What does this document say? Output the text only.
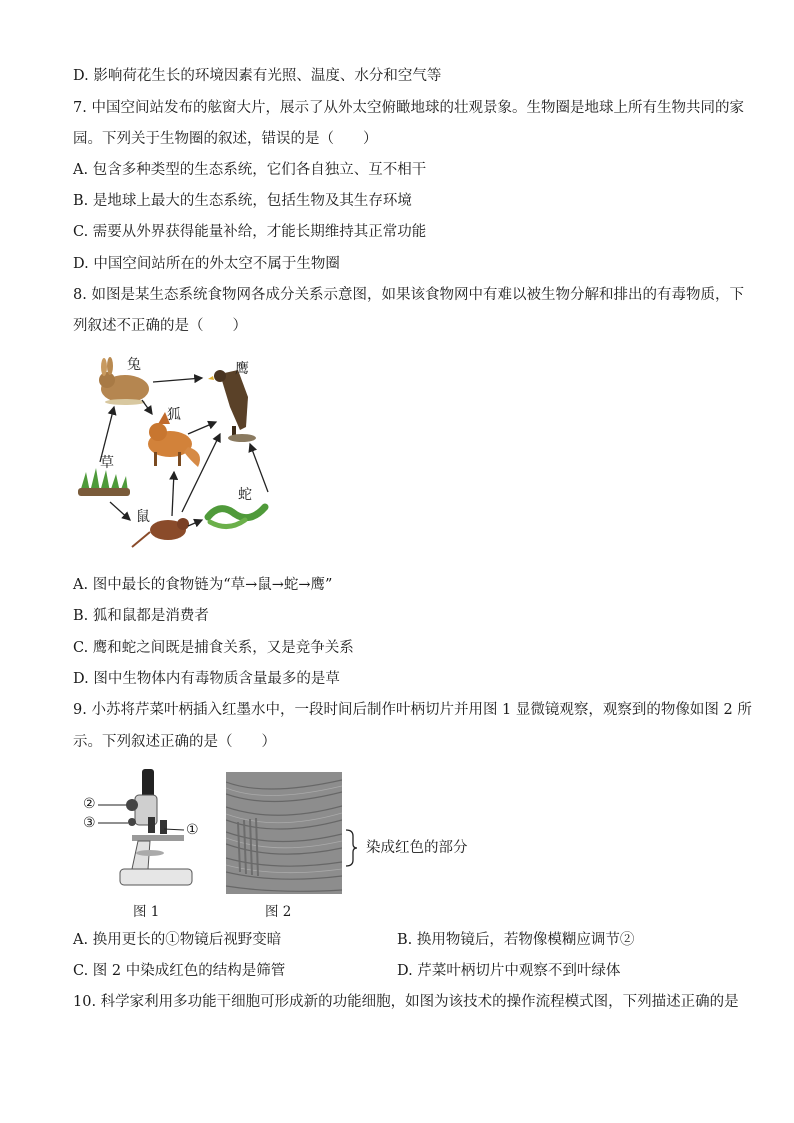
D. 影响荷花生长的环境因素有光照、温度、水分和空气等
7. 中国空间站发布的舷窗大片，展示了从外太空俯瞰地球的壮观景象。生物圈是地球上所有生物共同的家
园。下列关于生物圈的叙述，错误的是（　　）
A. 包含多种类型的生态系统，它们各自独立、互不相干
B. 是地球上最大的生态系统，包括生物及其生存环境
C. 需要从外界获得能量补给，才能长期维持其正常功能
D. 中国空间站所在的外太空不属于生物圈
8. 如图是某生态系统食物网各成分关系示意图，如果该食物网中有难以被生物分解和排出的有毒物质，下
列叙述不正确的是（　　）
兔	鹰
狐
草
蛇
鼠
A. 图中最长的食物链为“草→鼠→蛇→鹰”
B. 狐和鼠都是消费者
C. 鹰和蛇之间既是捕食关系，又是竞争关系
D. 图中生物体内有毒物质含量最多的是草
9. 小苏将芹菜叶柄插入红墨水中，一段时间后制作叶柄切片并用图 1 显微镜观察，观察到的物像如图 2 所
示。下列叙述正确的是（　　）
②
③	①
图 1
染成红色的部分
图 2
A. 换用更长的①物镜后视野变暗	B. 换用物镜后，若物像模糊应调节②
C. 图 2 中染成红色的结构是筛管	D. 芹菜叶柄切片中观察不到叶绿体
10. 科学家利用多功能干细胞可形成新的功能细胞，如图为该技术的操作流程模式图，下列描述正确的是
